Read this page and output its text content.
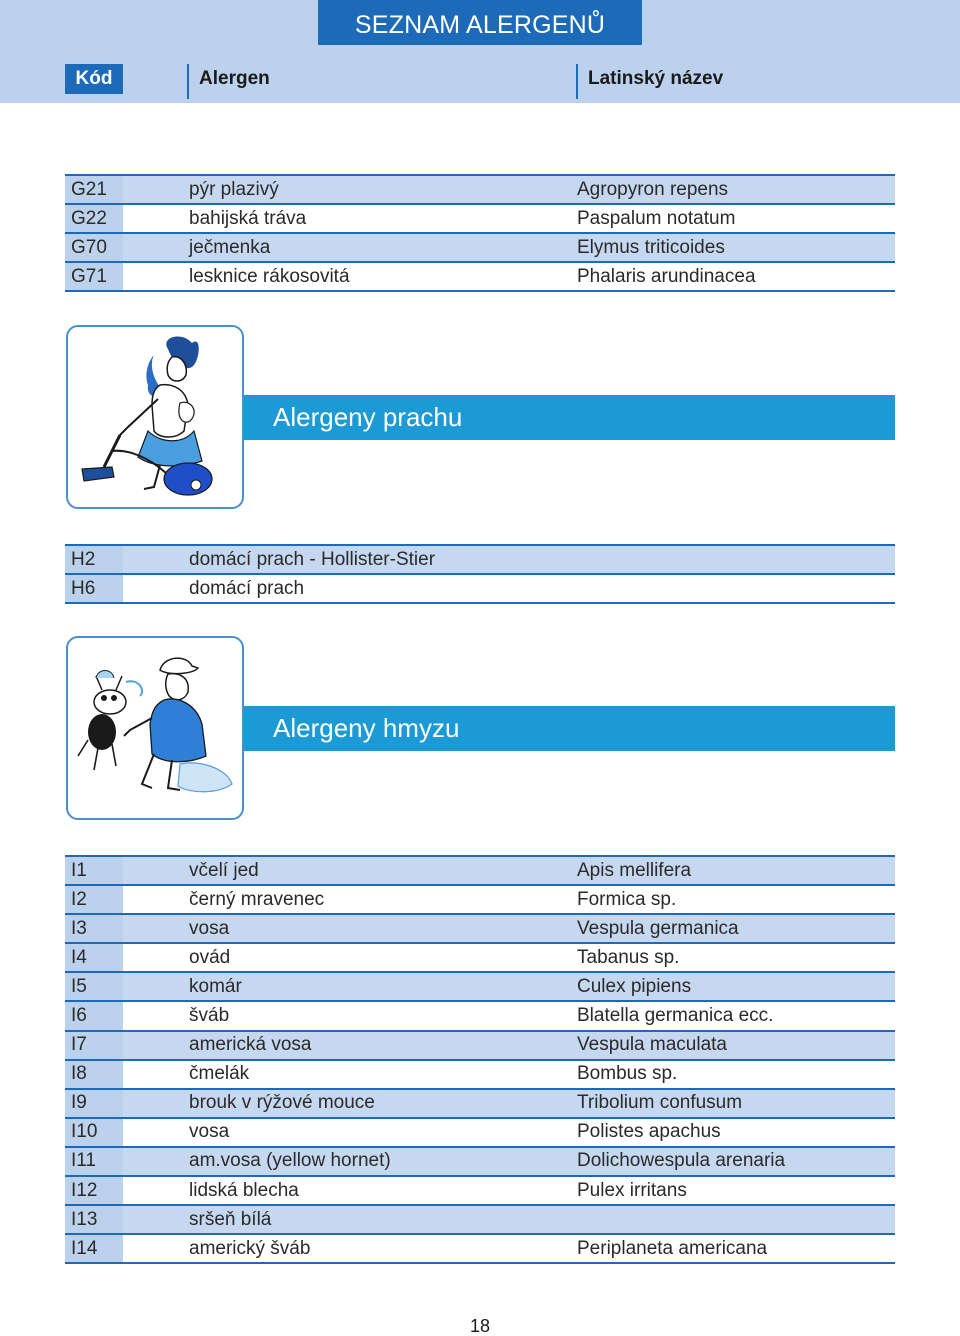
SEZNAM ALERGENŮ
Kód	Alergen	Latinský název
G21	pýr plazivý	Agropyron repens
G22	bahijská tráva	Paspalum notatum
G70	ječmenka	Elymus triticoides
G71	lesknice rákosovitá	Phalaris arundinacea
Alergeny prachu
H2	domácí prach - Hollister-Stier
H6	domácí prach
Alergeny hmyzu
I1	včelí jed	Apis mellifera
I2	černý mravenec	Formica sp.
I3	vosa	Vespula germanica
I4	ovád	Tabanus sp.
I5	komár	Culex pipiens
I6	šváb	Blatella germanica ecc.
I7	americká vosa	Vespula maculata
I8	čmelák	Bombus sp.
I9	brouk v rýžové mouce	Tribolium confusum
I10	vosa	Polistes apachus
I11	am.vosa (yellow hornet)	Dolichowespula arenaria
I12	lidská blecha	Pulex irritans
I13	sršeň bílá
I14	americký šváb	Periplaneta americana
18
